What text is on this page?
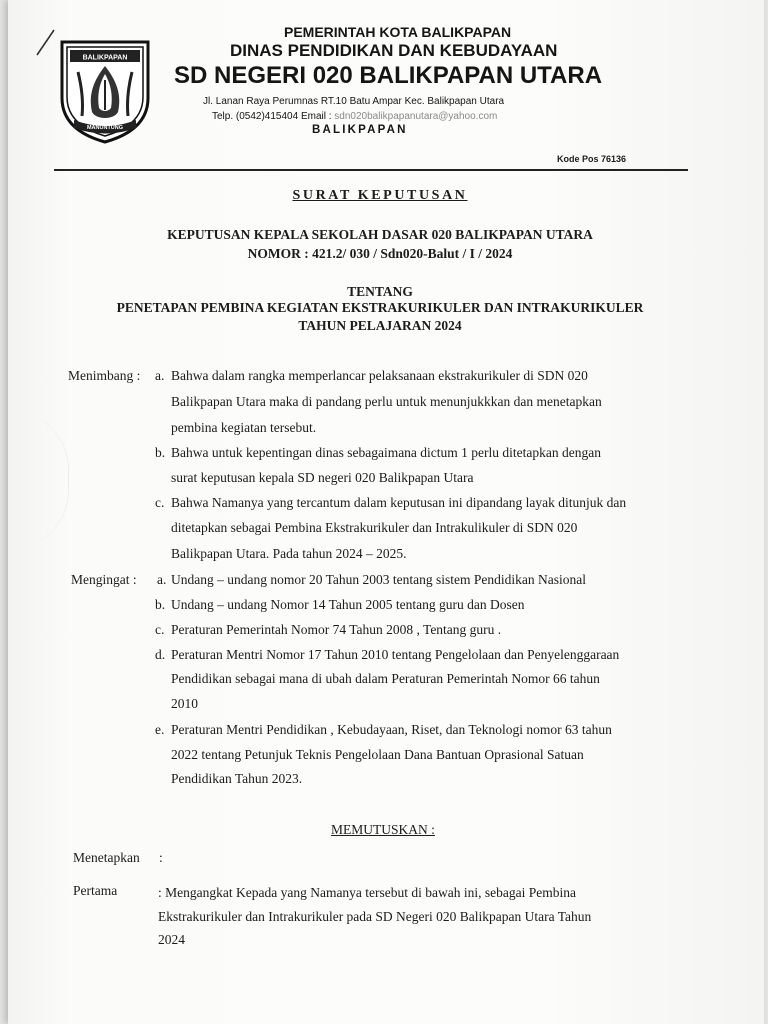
BALIKPAPAN
MANUNTUNG
PEMERINTAH KOTA BALIKPAPAN
DINAS PENDIDIKAN DAN KEBUDAYAAN
SD NEGERI 020 BALIKPAPAN UTARA
Jl. Lanan Raya Perumnas RT.10 Batu Ampar Kec. Balikpapan Utara
Telp. (0542)415404 Email : sdn020balikpapanutara@yahoo.com
BALIKPAPAN
Kode Pos 76136
SURAT KEPUTUSAN
KEPUTUSAN KEPALA SEKOLAH DASAR 020 BALIKPAPAN UTARA
NOMOR : 421.2/ 030 / Sdn020-Balut / I / 2024
TENTANG
PENETAPAN PEMBINA KEGIATAN EKSTRAKURIKULER DAN INTRAKURIKULER
TAHUN PELAJARAN 2024
Menimbang : a. Bahwa dalam rangka memperlancar pelaksanaan ekstrakurikuler di SDN 020
Balikpapan Utara maka di pandang perlu untuk menunjukkkan dan menetapkan
pembina kegiatan tersebut.
b. Bahwa untuk kepentingan dinas sebagaimana dictum 1 perlu ditetapkan dengan
surat keputusan kepala SD negeri 020 Balikpapan Utara
c. Bahwa Namanya yang tercantum dalam keputusan ini dipandang layak ditunjuk dan
ditetapkan sebagai Pembina Ekstrakurikuler dan Intrakulikuler di SDN 020
Balikpapan Utara. Pada tahun 2024 – 2025.
Mengingat : a. Undang – undang nomor 20 Tahun 2003 tentang sistem Pendidikan Nasional
b. Undang – undang Nomor 14 Tahun 2005 tentang guru dan Dosen
c. Peraturan Pemerintah Nomor 74 Tahun 2008 , Tentang guru .
d. Peraturan Mentri Nomor 17 Tahun 2010 tentang Pengelolaan dan Penyelenggaraan
Pendidikan sebagai mana di ubah dalam Peraturan Pemerintah Nomor 66 tahun
2010
e. Peraturan Mentri Pendidikan , Kebudayaan, Riset, dan Teknologi nomor 63 tahun
2022 tentang Petunjuk Teknis Pengelolaan Dana Bantuan Oprasional Satuan
Pendidikan Tahun 2023.
MEMUTUSKAN :
Menetapkan :
Pertama	: Mengangkat Kepada yang Namanya tersebut di bawah ini, sebagai Pembina
Ekstrakurikuler dan Intrakurikuler pada SD Negeri 020 Balikpapan Utara Tahun
2024
